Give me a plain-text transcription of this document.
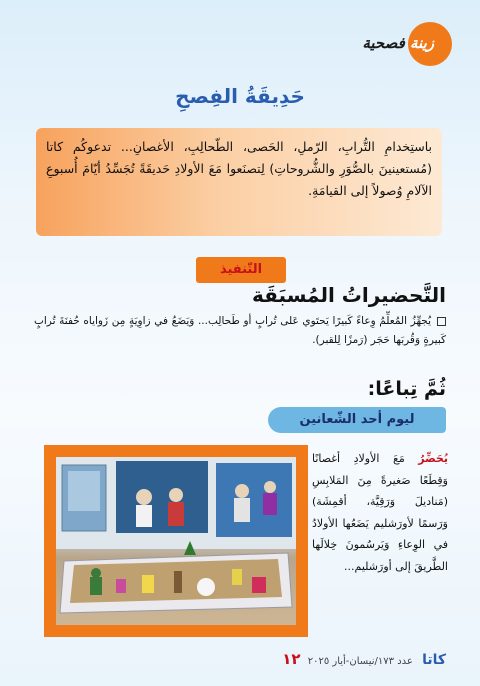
زينة فصحية
حَدِيقَةُ الفِصحِ
باستِخدامِ التُّرابِ، الرّملِ، الحَصى، الطّحالِبِ، الأغصانِ... تدعوكُم كاتا (مُستعينينَ بالصُّوَرِ والشُّروحاتِ) لِتصنَعوا مَعَ الأولادِ حَديقَةً تُجَسِّدُ أيّامَ أُسبوعِ الآلامِ وُصولاً إلى القيامَةِ.
التّنفيذ
التَّحضيراتُ المُسبَقَة
يُجهِّزُ المُعلِّمُ وِعاءً كَبيرًا يَحتَوي عَلى تُرابٍ أو طَحالِب... وَيَضَعُ في زاوِيَةٍ مِن زَواياه حُفنَةَ تُرابٍ كَبيرةٍ وَقُربَها حَجَر (رَمزًا لِلقبر).
ثُمَّ تِباعًا:
ليوم أحد الشّعانين
يُحَضِّرُ مَعَ الأولادِ أغصانًا وَقِطَعًا صَغيرةً مِنَ المَلابِسِ (مَناديلَ وَرَقِيَّة، أقمِشَة) وَرَسمًا لأورَشليم يَضَعُها الأولادُ في الوِعاءِ وَيَرسُمونَ خِلالَها الطَّريقَ إلى أورَشليم...
كاتا عدد ١٧٣/نيسان-أيار ٢٠٢٥ ١٢
